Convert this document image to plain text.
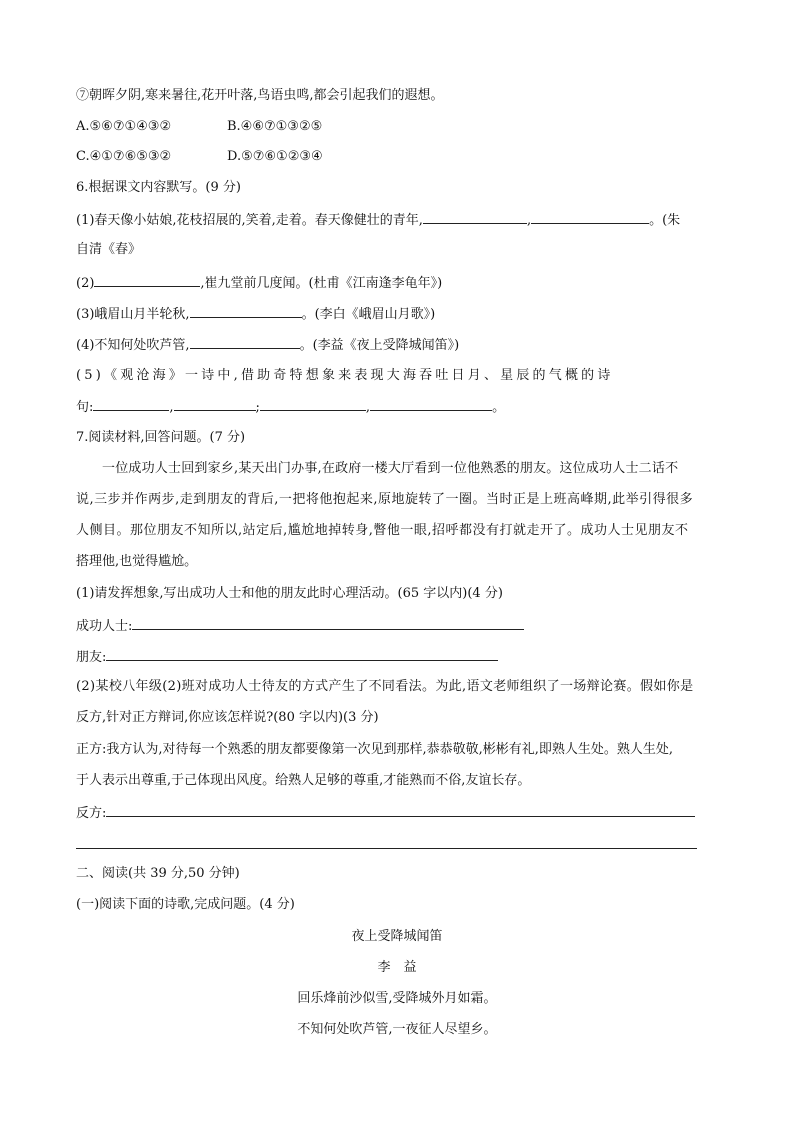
⑦朝晖夕阴,寒来暑往,花开叶落,鸟语虫鸣,都会引起我们的遐想。
A.⑤⑥⑦①④③②	B.④⑥⑦①③②⑤
C.④①⑦⑥⑤③②	D.⑤⑦⑥①②③④
6.根据课文内容默写。(9 分)
(1)春天像小姑娘,花枝招展的,笑着,走着。春天像健壮的青年,	,	。(朱
自清《春》
(2)	,崔九堂前几度闻。(杜甫《江南逢李龟年》)
(3)峨眉山月半轮秋,	。(李白《峨眉山月歌》)
(4)不知何处吹芦管,	。(李益《夜上受降城闻笛》)
(5)《观沧海》一诗中,借助奇特想象来表现大海吞吐日月、星辰的气概的诗
句:	,	;	,	。
7.阅读材料,回答问题。(7 分)
一位成功人士回到家乡,某天出门办事,在政府一楼大厅看到一位他熟悉的朋友。这位成功人士二话不
说,三步并作两步,走到朋友的背后,一把将他抱起来,原地旋转了一圈。当时正是上班高峰期,此举引得很多
人侧目。那位朋友不知所以,站定后,尴尬地掉转身,瞥他一眼,招呼都没有打就走开了。成功人士见朋友不
搭理他,也觉得尴尬。
(1)请发挥想象,写出成功人士和他的朋友此时心理活动。(65 字以内)(4 分)
成功人士:
朋友:
(2)某校八年级(2)班对成功人士待友的方式产生了不同看法。为此,语文老师组织了一场辩论赛。假如你是
反方,针对正方辩词,你应该怎样说?(80 字以内)(3 分)
正方:我方认为,对待每一个熟悉的朋友都要像第一次见到那样,恭恭敬敬,彬彬有礼,即熟人生处。熟人生处,
于人表示出尊重,于己体现出风度。给熟人足够的尊重,才能熟而不俗,友谊长存。
反方:
二、阅读(共 39 分,50 分钟)
(一)阅读下面的诗歌,完成问题。(4 分)
夜上受降城闻笛
李　益
回乐烽前沙似雪,受降城外月如霜。
不知何处吹芦管,一夜征人尽望乡。
